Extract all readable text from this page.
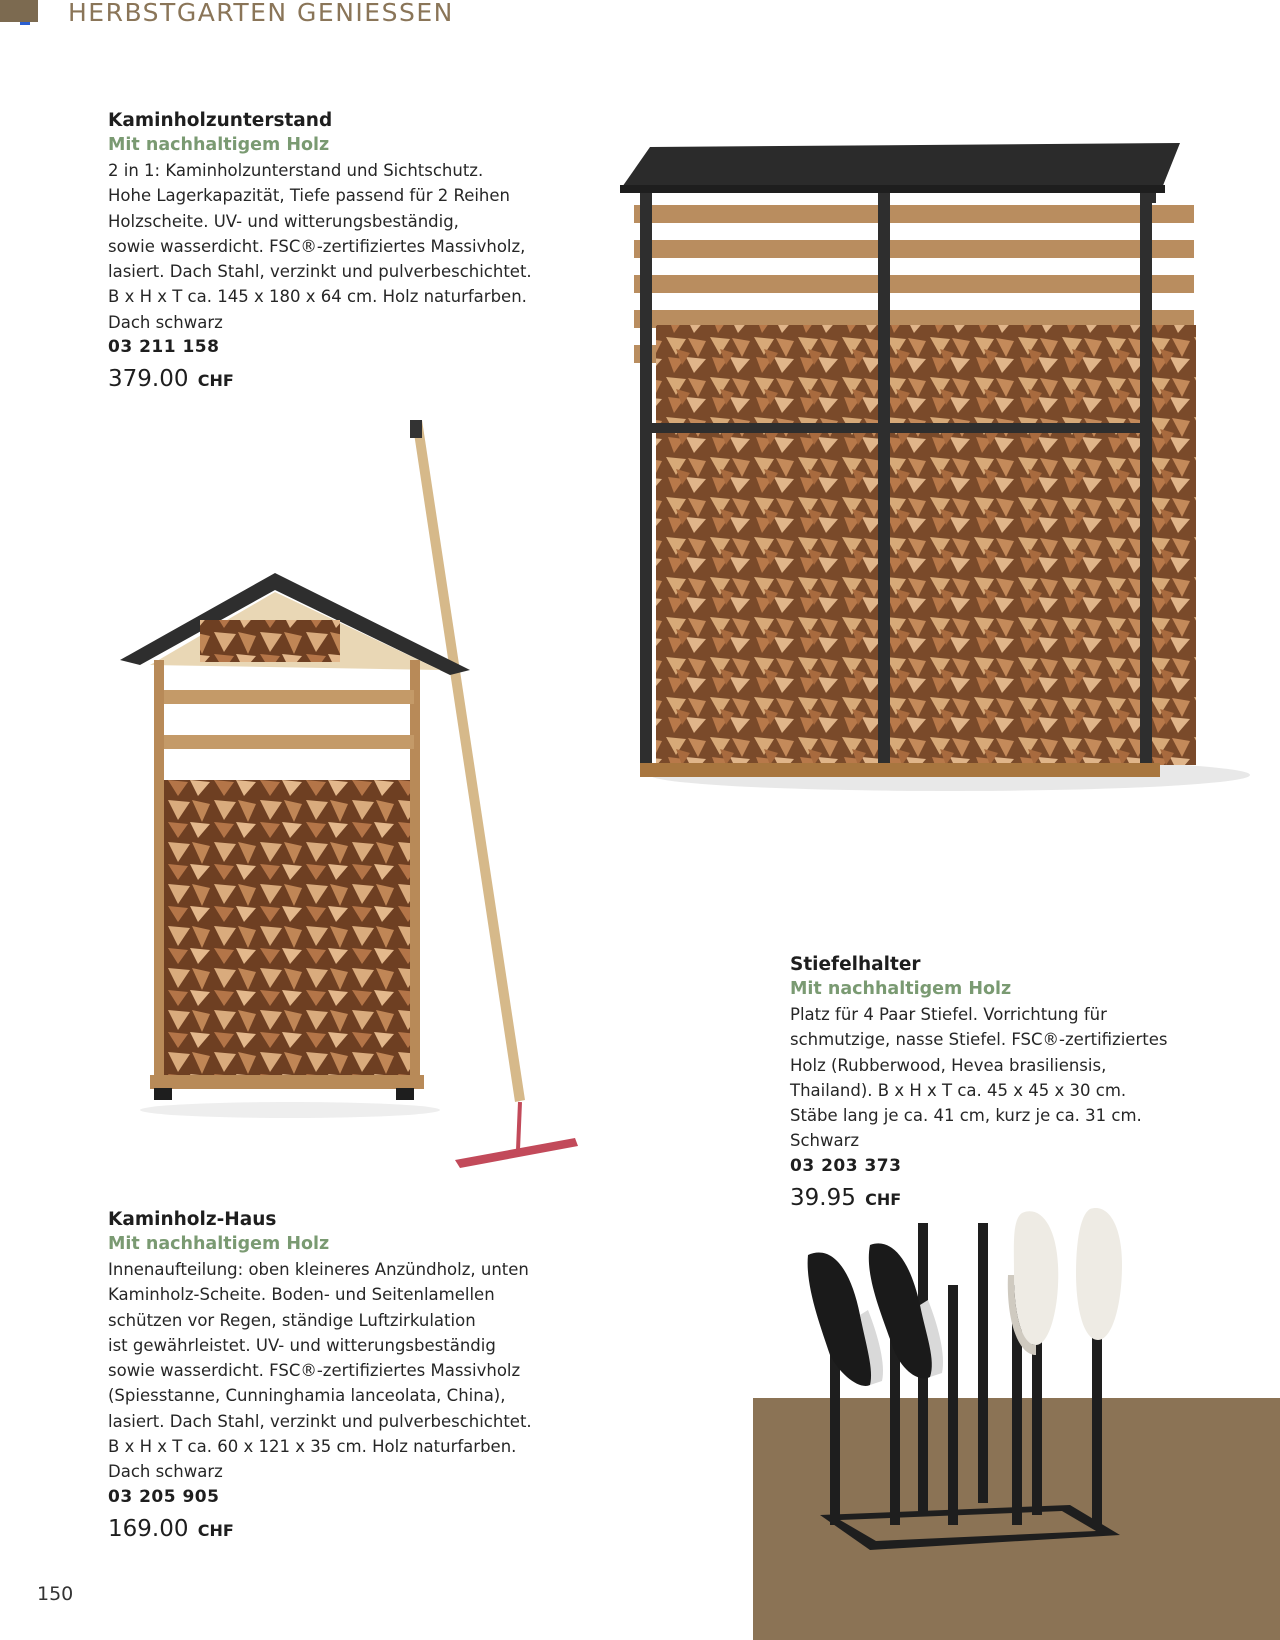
HERBSTGARTEN GENIESSEN
Kaminholzunterstand
Mit nachhaltigem Holz
2 in 1: Kaminholzunterstand und Sichtschutz.
Hohe Lagerkapazität, Tiefe passend für 2 Reihen
Holzscheite. UV- und witterungsbeständig,
sowie wasserdicht. FSC®-zertifiziertes Massivholz,
lasiert. Dach Stahl, verzinkt und pulverbeschichtet.
B x H x T ca. 145 x 180 x 64 cm. Holz naturfarben.
Dach schwarz
03 211 158
379.00 CHF
Kaminholz-Haus
Mit nachhaltigem Holz
Innenaufteilung: oben kleineres Anzündholz, unten
Kaminholz-Scheite. Boden- und Seitenlamellen
schützen vor Regen, ständige Luftzirkulation
ist gewährleistet. UV- und witterungsbeständig
sowie wasserdicht. FSC®-zertifiziertes Massivholz
(Spiesstanne, Cunninghamia lanceolata, China),
lasiert. Dach Stahl, verzinkt und pulverbeschichtet.
B x H x T ca. 60 x 121 x 35 cm. Holz naturfarben.
Dach schwarz
03 205 905
169.00 CHF
Stiefelhalter
Mit nachhaltigem Holz
Platz für 4 Paar Stiefel. Vorrichtung für
schmutzige, nasse Stiefel. FSC®-zertifiziertes
Holz (Rubberwood, Hevea brasiliensis,
Thailand). B x H x T ca. 45 x 45 x 30 cm.
Stäbe lang je ca. 41 cm, kurz je ca. 31 cm.
Schwarz
03 203 373
39.95 CHF
150
